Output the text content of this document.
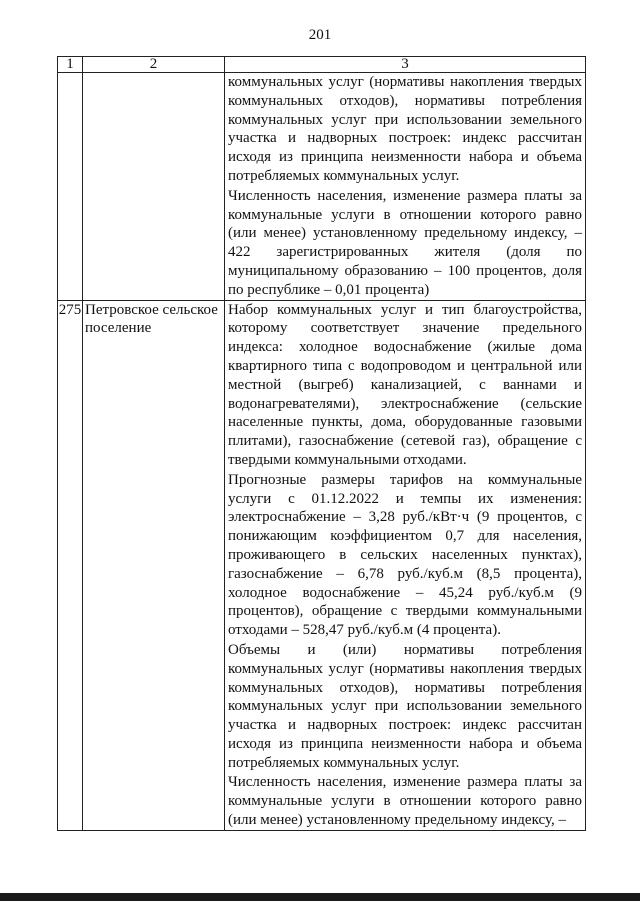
201
1	2	3

		коммунальных услуг (нормативы накопления твердых коммунальных отходов), нормативы потребления коммунальных услуг при использовании земельного участка и надворных построек: индекс рассчитан исходя из принципа неизменности набора и объема потребляемых коммунальных услуг.

Численность населения, изменение размера платы за коммунальные услуги в отношении которого равно (или менее) установленному предельному индексу, – 422 зарегистрированных жителя (доля по муниципальному образованию – 100 процентов, доля по республике – 0,01 процента)

275	Петровское сельское поселение	Набор коммунальных услуг и тип благоустройства, которому соответствует значение предельного индекса: холодное водоснабжение (жилые дома квартирного типа с водопроводом и центральной или местной (выгреб) канализацией, с ваннами и водонагревателями), электроснабжение (сельские населенные пункты, дома, оборудованные газовыми плитами), газоснабжение (сетевой газ), обращение с твердыми коммунальными отходами.

Прогнозные размеры тарифов на коммунальные услуги с 01.12.2022 и темпы их изменения: электроснабжение – 3,28 руб./кВт·ч (9 процентов, с понижающим коэффициентом 0,7 для населения, проживающего в сельских населенных пунктах), газоснабжение – 6,78 руб./куб.м (8,5 процента), холодное водоснабжение – 45,24 руб./куб.м (9 процентов), обращение с твердыми коммунальными отходами – 528,47 руб./куб.м (4 процента).

Объемы и (или) нормативы потребления коммунальных услуг (нормативы накопления твердых коммунальных отходов), нормативы потребления коммунальных услуг при использовании земельного участка и надворных построек: индекс рассчитан исходя из принципа неизменности набора и объема потребляемых коммунальных услуг.

Численность населения, изменение размера платы за коммунальные услуги в отношении которого равно (или менее) установленному предельному индексу, –
